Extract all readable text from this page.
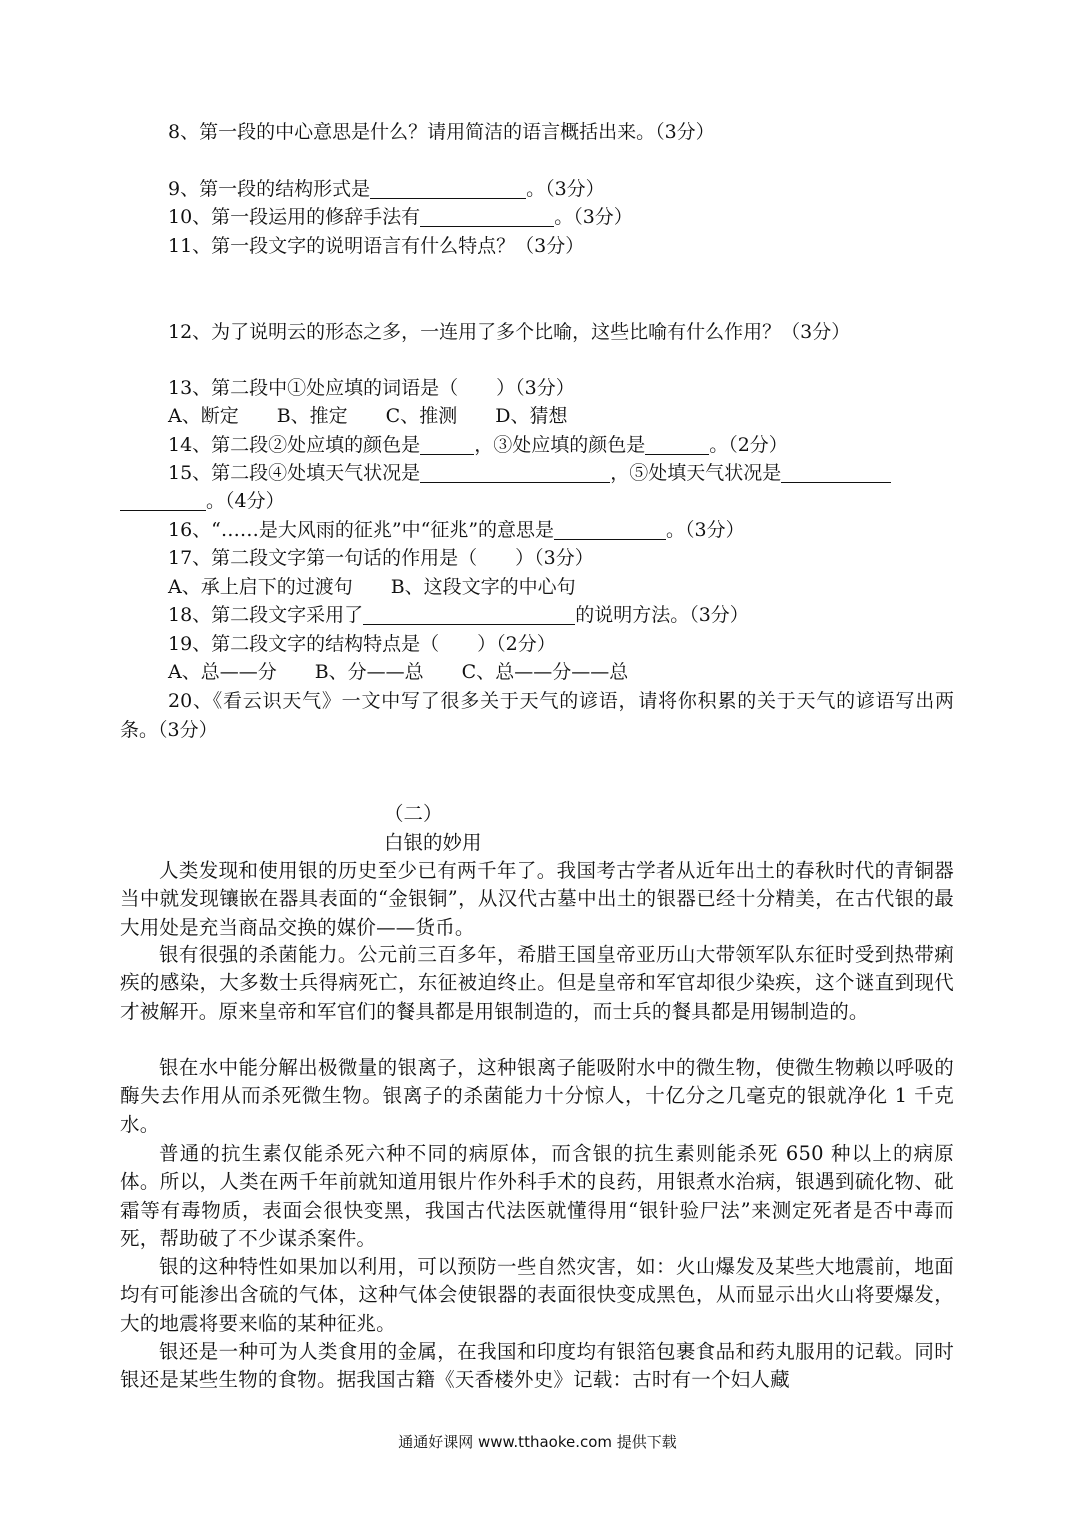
8、第一段的中心意思是什么？请用简洁的语言概括出来。（3分）
9、第一段的结构形式是	。（3分）
10、第一段运用的修辞手法有	。（3分）
11、第一段文字的说明语言有什么特点？（3分）
12、为了说明云的形态之多，一连用了多个比喻，这些比喻有什么作用？（3分）
13、第二段中①处应填的词语是（　　）（3分）
A、断定　　B、推定　　C、推测　　D、猜想
14、第二段②处应填的颜色是	，③处应填的颜色是	。（2分）
15、第二段④处填天气状况是	，⑤处填天气状况是
。（4分）
16、“……是大风雨的征兆”中“征兆”的意思是	。（3分）
17、第二段文字第一句话的作用是（　　）（3分）
A、承上启下的过渡句　　B、这段文字的中心句
18、第二段文字采用了	的说明方法。（3分）
19、第二段文字的结构特点是（　　）（2分）
A、总——分　　B、分——总　　C、总——分——总

20、《看云识天气》一文中写了很多关于天气的谚语，请将你积累的关于天气的谚语写出两条。（3分）

（二）
白银的妙用

人类发现和使用银的历史至少已有两千年了。我国考古学者从近年出土的春秋时代的青铜器当中就发现镶嵌在器具表面的“金银铜”，从汉代古墓中出土的银器已经十分精美，在古代银的最大用处是充当商品交换的媒价——货币。

银有很强的杀菌能力。公元前三百多年，希腊王国皇帝亚历山大带领军队东征时受到热带痢疾的感染，大多数士兵得病死亡，东征被迫终止。但是皇帝和军官却很少染疾，这个谜直到现代才被解开。原来皇帝和军官们的餐具都是用银制造的，而士兵的餐具都是用锡制造的。

银在水中能分解出极微量的银离子，这种银离子能吸附水中的微生物，使微生物赖以呼吸的酶失去作用从而杀死微生物。银离子的杀菌能力十分惊人，十亿分之几毫克的银就净化 1 千克水。

普通的抗生素仅能杀死六种不同的病原体，而含银的抗生素则能杀死 650 种以上的病原体。所以，人类在两千年前就知道用银片作外科手术的良药，用银煮水治病，银遇到硫化物、砒霜等有毒物质，表面会很快变黑，我国古代法医就懂得用“银针验尸法”来测定死者是否中毒而死，帮助破了不少谋杀案件。

银的这种特性如果加以利用，可以预防一些自然灾害，如：火山爆发及某些大地震前，地面均有可能渗出含硫的气体，这种气体会使银器的表面很快变成黑色，从而显示出火山将要爆发，大的地震将要来临的某种征兆。

银还是一种可为人类食用的金属，在我国和印度均有银箔包裹食品和药丸服用的记载。同时银还是某些生物的食物。据我国古籍《天香楼外史》记载：古时有一个妇人藏

通通好课网 www.tthaoke.com 提供下载
